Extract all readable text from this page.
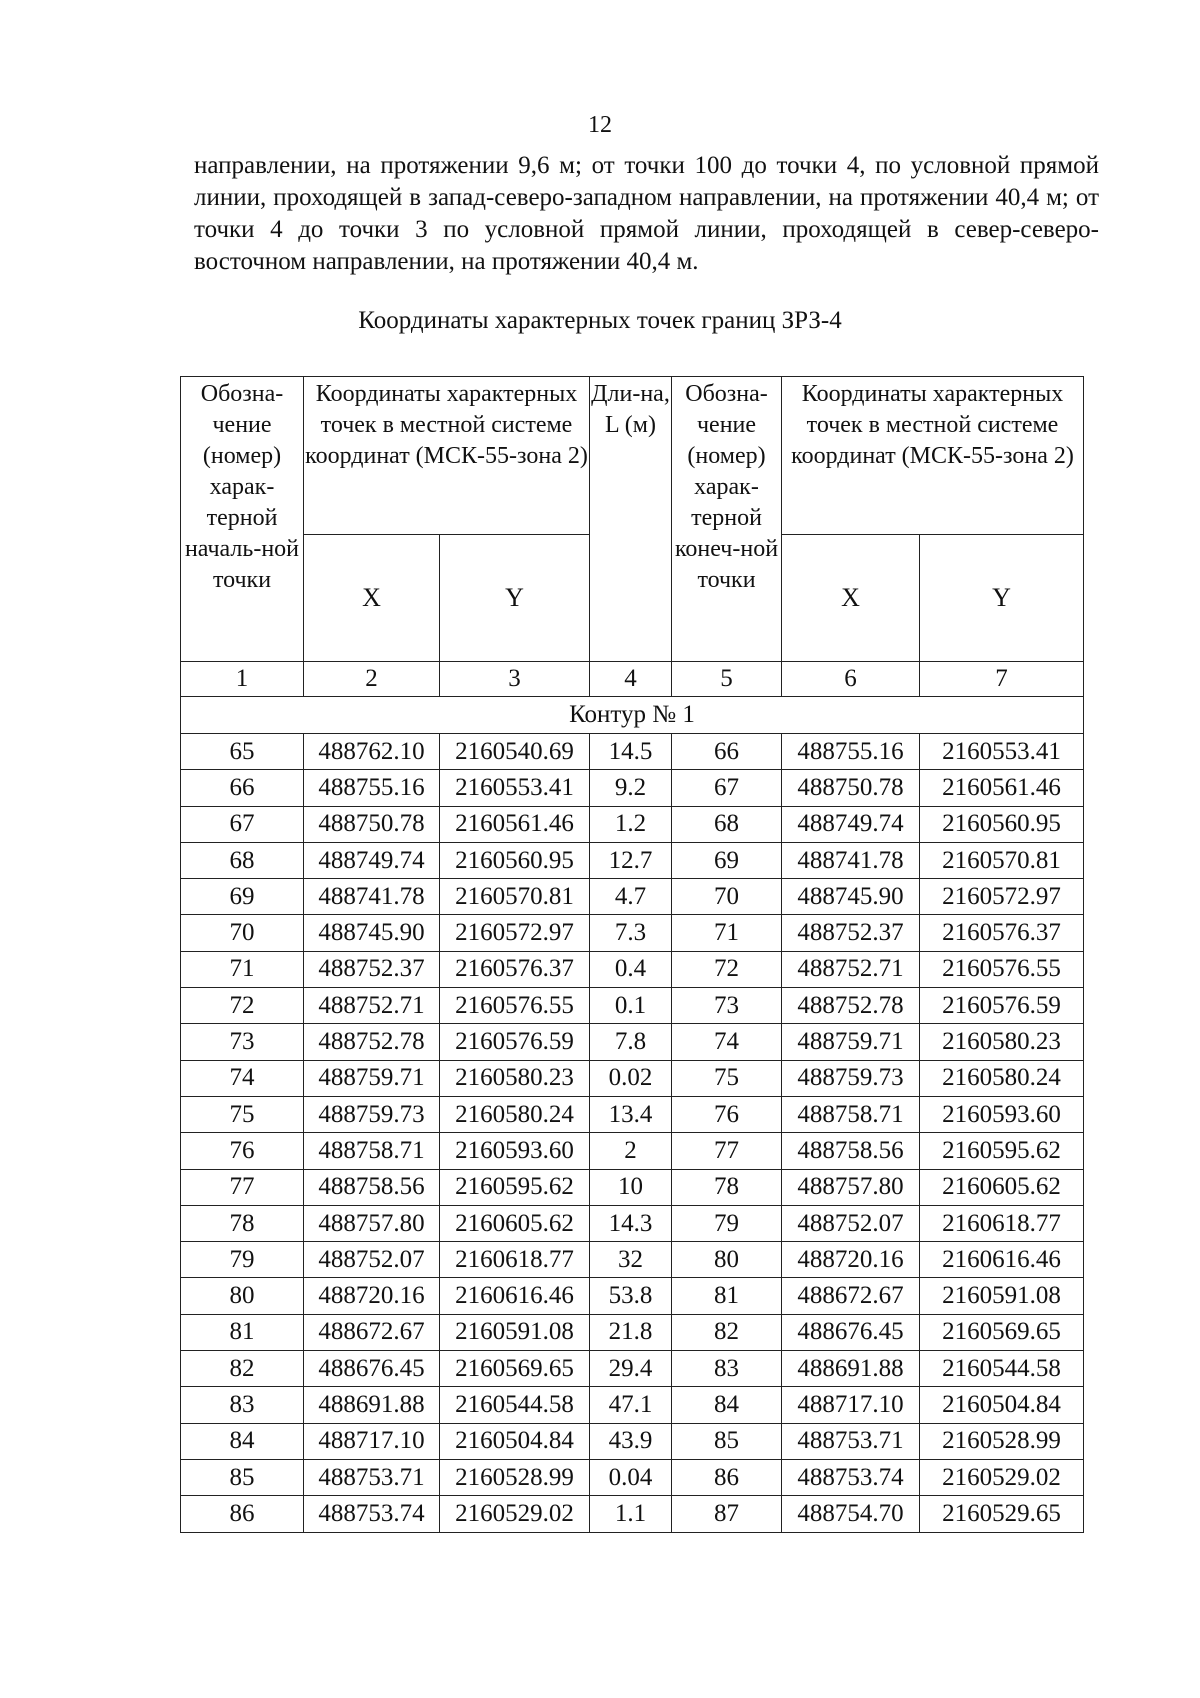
12

направлении, на протяжении 9,6 м; от точки 100 до точки 4, по условной прямой линии, проходящей в запад-северо-западном направлении, на протяжении 40,4 м; от точки 4 до точки 3 по условной прямой линии, проходящей в север-северо-восточном направлении, на протяжении 40,4 м.

Координаты характерных точек границ ЗРЗ-4
Обозна-чение (номер) харак-терной началь-ной точки	Координаты характерных точек в местной системе координат (МСК-55-зона 2)		Дли-на, L (м)	Обозна-чение (номер) харак-терной конеч-ной точки	Координаты характерных точек в местной системе координат (МСК-55-зона 2)	
	X	Y			X	Y
1	2	3	4	5	6	7
Контур № 1						
65	488762.10	2160540.69	14.5	66	488755.16	2160553.41
66	488755.16	2160553.41	9.2	67	488750.78	2160561.46
67	488750.78	2160561.46	1.2	68	488749.74	2160560.95
68	488749.74	2160560.95	12.7	69	488741.78	2160570.81
69	488741.78	2160570.81	4.7	70	488745.90	2160572.97
70	488745.90	2160572.97	7.3	71	488752.37	2160576.37
71	488752.37	2160576.37	0.4	72	488752.71	2160576.55
72	488752.71	2160576.55	0.1	73	488752.78	2160576.59
73	488752.78	2160576.59	7.8	74	488759.71	2160580.23
74	488759.71	2160580.23	0.02	75	488759.73	2160580.24
75	488759.73	2160580.24	13.4	76	488758.71	2160593.60
76	488758.71	2160593.60	2	77	488758.56	2160595.62
77	488758.56	2160595.62	10	78	488757.80	2160605.62
78	488757.80	2160605.62	14.3	79	488752.07	2160618.77
79	488752.07	2160618.77	32	80	488720.16	2160616.46
80	488720.16	2160616.46	53.8	81	488672.67	2160591.08
81	488672.67	2160591.08	21.8	82	488676.45	2160569.65
82	488676.45	2160569.65	29.4	83	488691.88	2160544.58
83	488691.88	2160544.58	47.1	84	488717.10	2160504.84
84	488717.10	2160504.84	43.9	85	488753.71	2160528.99
85	488753.71	2160528.99	0.04	86	488753.74	2160529.02
86	488753.74	2160529.02	1.1	87	488754.70	2160529.65
